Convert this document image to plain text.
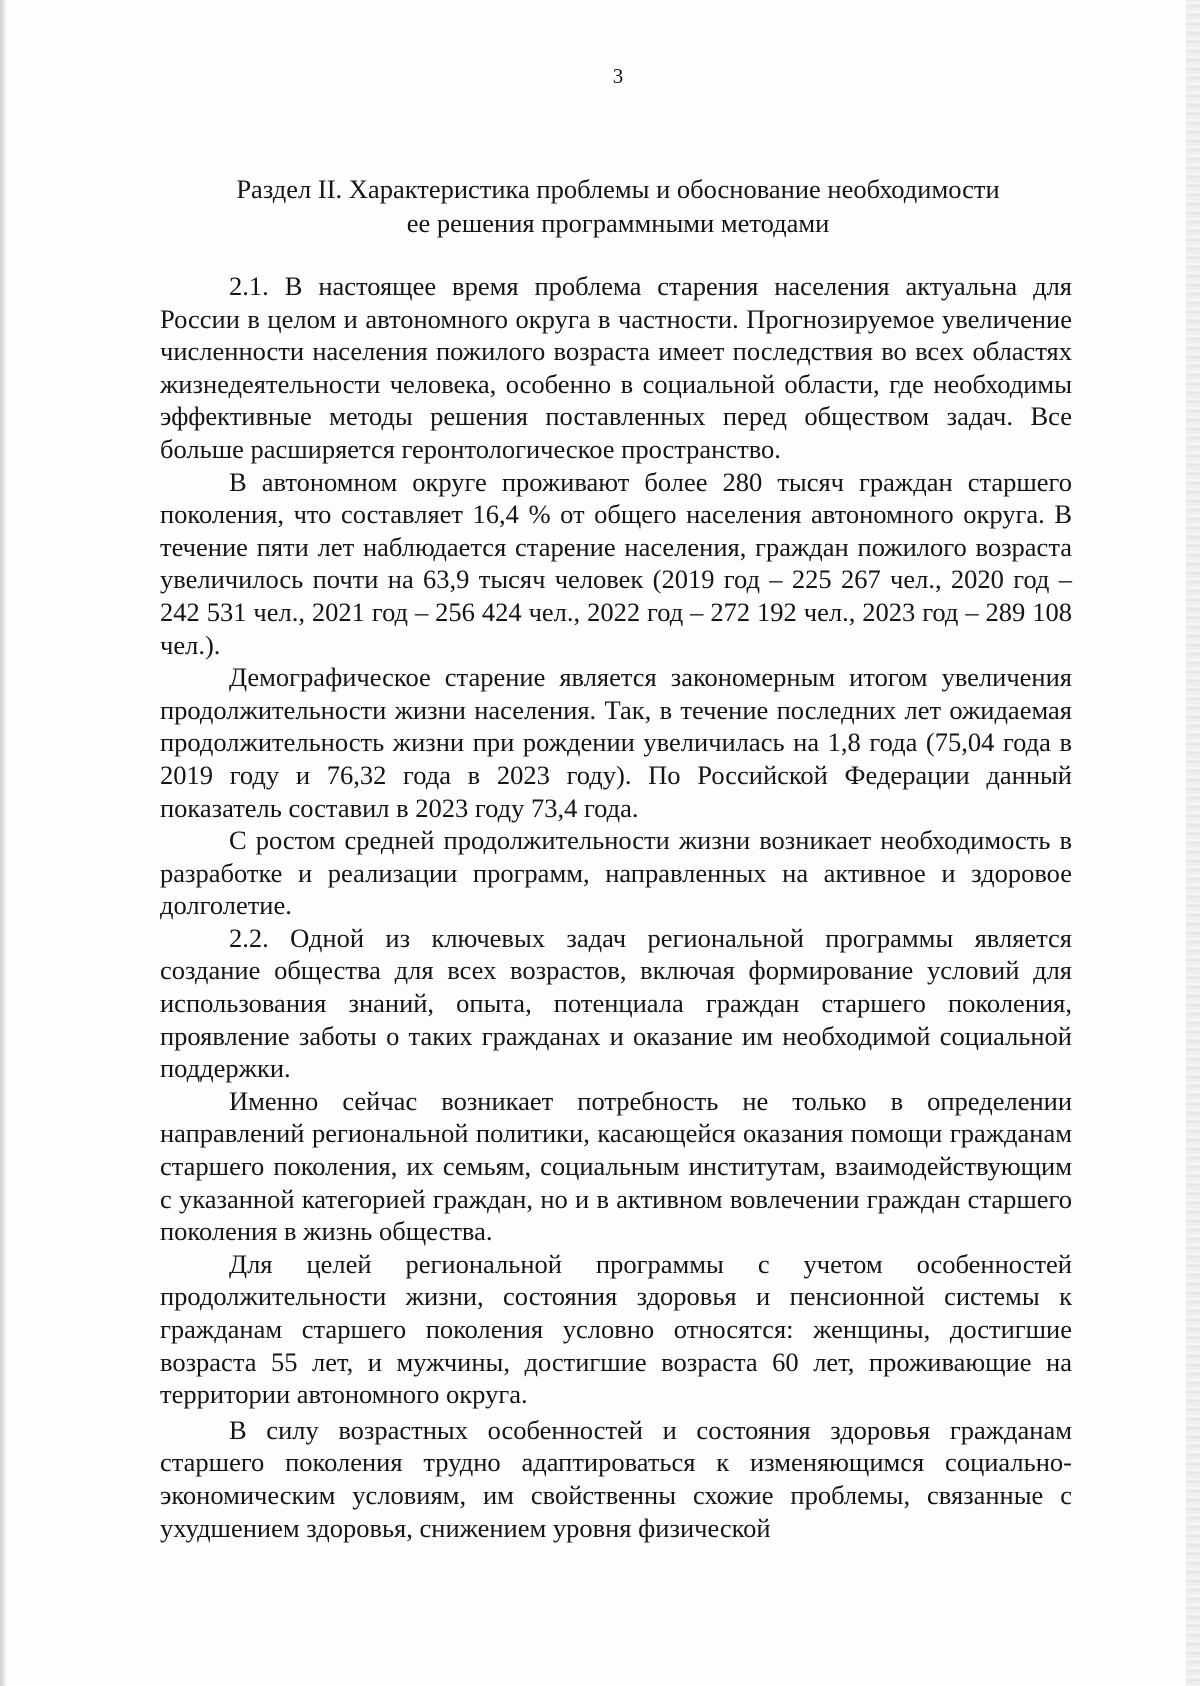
3
Раздел II. Характеристика проблемы и обоснование необходимости
ее решения программными методами

2.1. В настоящее время проблема старения населения актуальна для России в целом и автономного округа в частности. Прогнозируемое увеличение численности населения пожилого возраста имеет последствия во всех областях жизнедеятельности человека, особенно в социальной области, где необходимы эффективные методы решения поставленных перед обществом задач. Все больше расширяется геронтологическое пространство.

В автономном округе проживают более 280 тысяч граждан старшего поколения, что составляет 16,4 % от общего населения автономного округа. В течение пяти лет наблюдается старение населения, граждан пожилого возраста увеличилось почти на 63,9 тысяч человек (2019 год – 225 267 чел., 2020 год – 242 531 чел., 2021 год – 256 424 чел., 2022 год – 272 192 чел., 2023 год – 289 108 чел.).

Демографическое старение является закономерным итогом увеличения продолжительности жизни населения. Так, в течение последних лет ожидаемая продолжительность жизни при рождении увеличилась на 1,8 года (75,04 года в 2019 году и 76,32 года в 2023 году). По Российской Федерации данный показатель составил в 2023 году 73,4 года.

С ростом средней продолжительности жизни возникает необходимость в разработке и реализации программ, направленных на активное и здоровое долголетие.

2.2. Одной из ключевых задач региональной программы является создание общества для всех возрастов, включая формирование условий для использования знаний, опыта, потенциала граждан старшего поколения, проявление заботы о таких гражданах и оказание им необходимой социальной поддержки.

Именно сейчас возникает потребность не только в определении направлений региональной политики, касающейся оказания помощи гражданам старшего поколения, их семьям, социальным институтам, взаимодействующим с указанной категорией граждан, но и в активном вовлечении граждан старшего поколения в жизнь общества.

Для целей региональной программы с учетом особенностей продолжительности жизни, состояния здоровья и пенсионной системы к гражданам старшего поколения условно относятся: женщины, достигшие возраста 55 лет, и мужчины, достигшие возраста 60 лет, проживающие на территории автономного округа.

В силу возрастных особенностей и состояния здоровья гражданам старшего поколения трудно адаптироваться к изменяющимся социально-экономическим условиям, им свойственны схожие проблемы, связанные с ухудшением здоровья, снижением уровня физической
